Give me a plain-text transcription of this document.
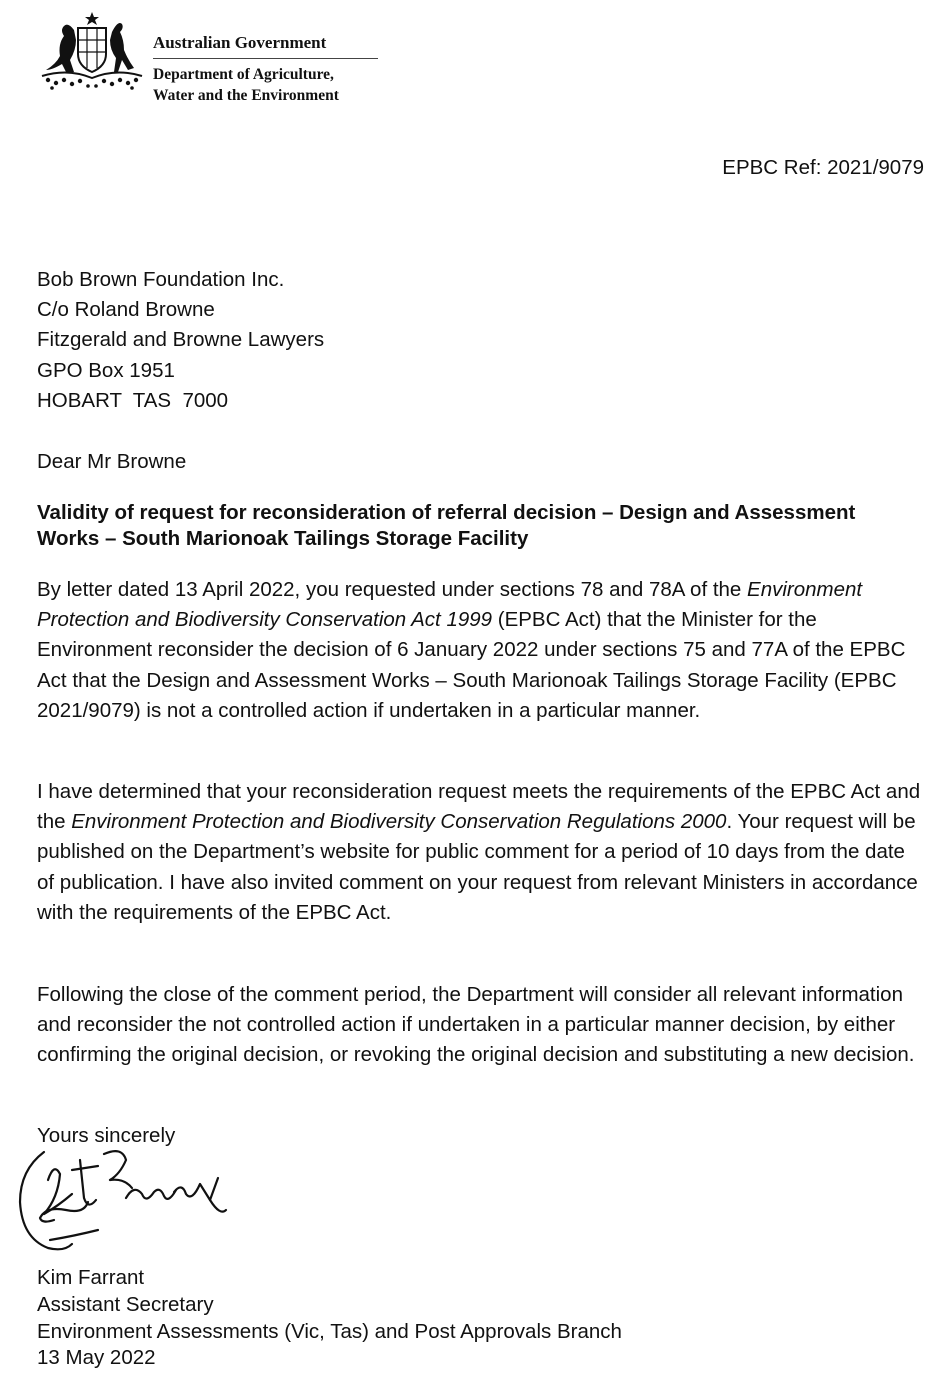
Australian Government
Department of Agriculture,
Water and the Environment
EPBC Ref: 2021/9079
Bob Brown Foundation Inc.
C/o Roland Browne
Fitzgerald and Browne Lawyers
GPO Box 1951
HOBART  TAS  7000
Dear Mr Browne
Validity of request for reconsideration of referral decision – Design and Assessment Works – South Marionoak Tailings Storage Facility
By letter dated 13 April 2022, you requested under sections 78 and 78A of the Environment Protection and Biodiversity Conservation Act 1999 (EPBC Act) that the Minister for the Environment reconsider the decision of 6 January 2022 under sections 75 and 77A of the EPBC Act that the Design and Assessment Works – South Marionoak Tailings Storage Facility (EPBC 2021/9079) is not a controlled action if undertaken in a particular manner.
I have determined that your reconsideration request meets the requirements of the EPBC Act and the Environment Protection and Biodiversity Conservation Regulations 2000. Your request will be published on the Department’s website for public comment for a period of 10 days from the date of publication. I have also invited comment on your request from relevant Ministers in accordance with the requirements of the EPBC Act.
Following the close of the comment period, the Department will consider all relevant information and reconsider the not controlled action if undertaken in a particular manner decision, by either confirming the original decision, or revoking the original decision and substituting a new decision.
Yours sincerely
Kim Farrant
Assistant Secretary
Environment Assessments (Vic, Tas) and Post Approvals Branch
13 May 2022
